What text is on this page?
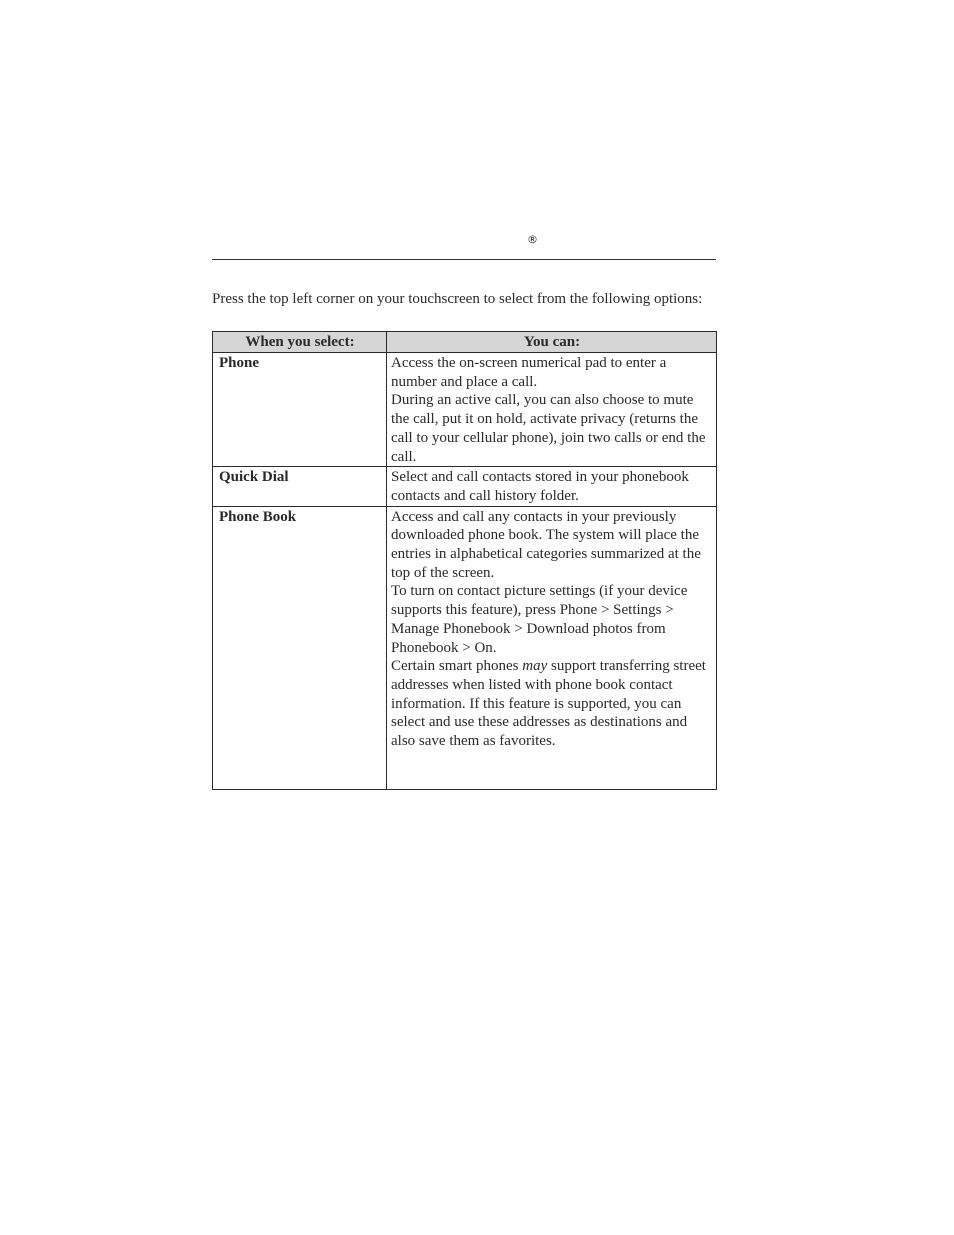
®
Press the top left corner on your touchscreen to select from the following options:
When you select:	You can:
Phone	Access the on-screen numerical pad to enter a number and place a call.
During an active call, you can also choose to mute the call, put it on hold, activate privacy (returns the call to your cellular phone), join two calls or end the call.

Quick Dial	Select and call contacts stored in your phonebook contacts and call history folder.

Phone Book	Access and call any contacts in your previously downloaded phone book. The system will place the entries in alphabetical categories summarized at the top of the screen.
To turn on contact picture settings (if your device supports this feature), press Phone > Settings > Manage Phonebook > Download photos from Phonebook > On.
Certain smart phones may support transferring street addresses when listed with phone book contact information. If this feature is supported, you can select and use these addresses as destinations and also save them as favorites.
